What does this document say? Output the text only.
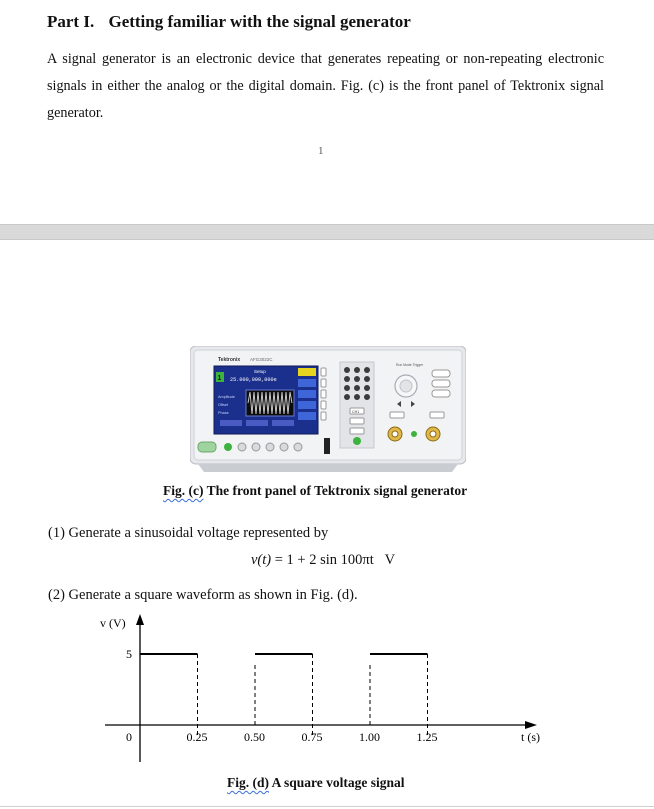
Part I. Getting familiar with the signal generator
A signal generator is an electronic device that generates repeating or non-repeating electronic signals in either the analog or the digital domain. Fig. (c) is the front panel of Tektronix signal generator.
1
Tektronix AFG3022C
1
Setup
25.000,000,000e
Amplitude
Offset
Phase	CH1
Run Mode Trigger
Fig. (c) The front panel of Tektronix signal generator
(1) Generate a sinusoidal voltage represented by
v(t) = 1 + 2 sin 100πt V
(2) Generate a square waveform as shown in Fig. (d).
v (V)
t (s)
0	0.25	0.50	0.75	1.00	1.25
5
Fig. (d) A square voltage signal
